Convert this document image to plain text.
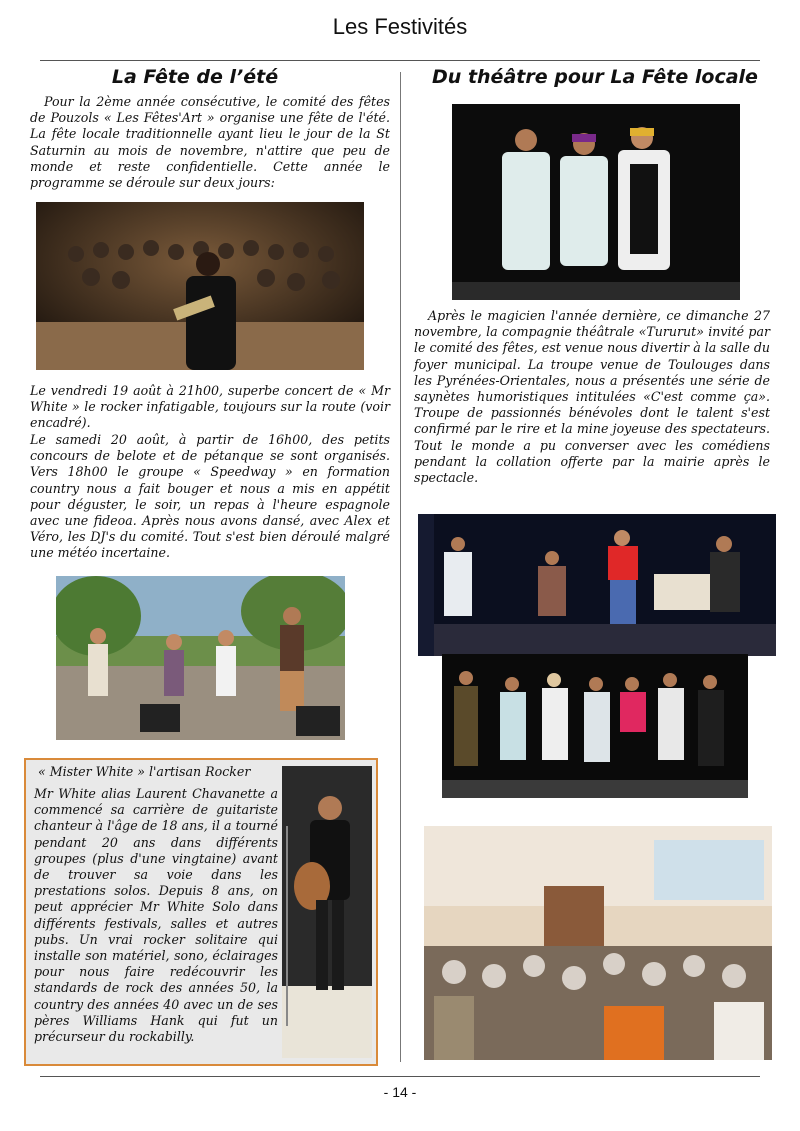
Les Festivités
La Fête de l’été

Pour la 2ème année consécutive, le comité des fêtes de Pouzols « Les Fêtes'Art » organise une fête de l'été. La fête locale traditionnelle ayant lieu le jour de la St Saturnin au mois de novembre, n'attire que peu de monde et reste confidentielle. Cette année le programme se déroule sur deux jours:

Le vendredi 19 août à 21h00, superbe concert de « Mr White » le rocker infatigable, toujours sur la route (voir encadré).

Le samedi 20 août, à partir de 16h00, des petits concours de belote et de pétanque se sont organisés. Vers 18h00 le groupe « Speedway » en formation country nous a fait bouger et nous a mis en appétit pour déguster, le soir, un repas à l'heure espagnole avec une fideoa. Après nous avons dansé, avec Alex et Véro, les DJ's du comité. Tout s'est bien déroulé malgré une météo incertaine.

« Mister White » l'artisan Rocker

Mr White alias Laurent Chavanette a commencé sa carrière de guitariste chanteur à l'âge de 18 ans, il a tourné pendant 20 ans dans différents groupes (plus d'une vingtaine) avant de trouver sa voie dans les prestations solos. Depuis 8 ans, on peut apprécier Mr White Solo dans différents festivals, salles et autres pubs. Un vrai rocker solitaire qui installe son matériel, sono, éclairages pour nous faire redécouvrir les standards de rock des années 50, la country des années 40 avec un de ses pères Williams Hank qui fut un précurseur du rockabilly.

Du théâtre pour La Fête locale

Après le magicien l'année dernière, ce dimanche 27 novembre, la compagnie théâtrale «Tururut» invité par le comité des fêtes, est venue nous divertir à la salle du foyer municipal. La troupe venue de Toulouges dans les Pyrénées-Orientales, nous a présentés une série de saynètes humoristiques intitulées «C'est comme ça». Troupe de passionnés bénévoles dont le talent s'est confirmé par le rire et la mine joyeuse des spectateurs. Tout le monde a pu converser avec les comédiens pendant la collation offerte par la mairie après le spectacle.

- 14 -
